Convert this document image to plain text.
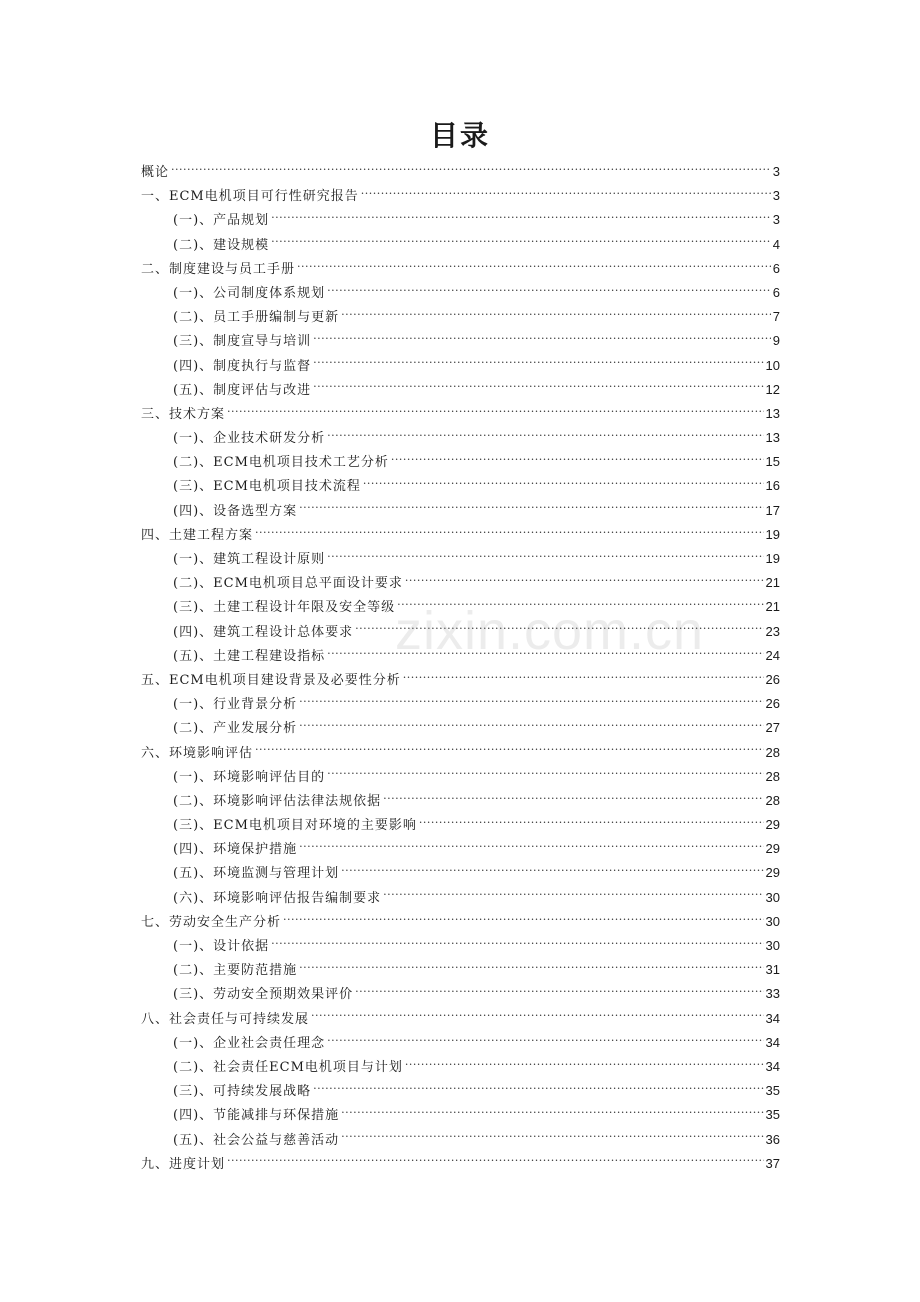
目录
概论 .....	3
一、ECM电机项目可行性研究报告 .....	3
(一)、产品规划 .....	3
(二)、建设规模 .....	4
二、制度建设与员工手册 .....	6
(一)、公司制度体系规划 .....	6
(二)、员工手册编制与更新 .....	7
(三)、制度宣导与培训 .....	9
(四)、制度执行与监督 .....	10
(五)、制度评估与改进 .....	12
三、技术方案 .....	13
(一)、企业技术研发分析 .....	13
(二)、ECM电机项目技术工艺分析 .....	15
(三)、ECM电机项目技术流程 .....	16
(四)、设备选型方案 .....	17
四、土建工程方案 .....	19
(一)、建筑工程设计原则 .....	19
(二)、ECM电机项目总平面设计要求 .....	21
(三)、土建工程设计年限及安全等级 .....	21
(四)、建筑工程设计总体要求 .....	23
(五)、土建工程建设指标 .....	24
五、ECM电机项目建设背景及必要性分析 .....	26
(一)、行业背景分析 .....	26
(二)、产业发展分析 .....	27
六、环境影响评估 .....	28
(一)、环境影响评估目的 .....	28
(二)、环境影响评估法律法规依据 .....	28
(三)、ECM电机项目对环境的主要影响 .....	29
(四)、环境保护措施 .....	29
(五)、环境监测与管理计划 .....	29
(六)、环境影响评估报告编制要求 .....	30
七、劳动安全生产分析 .....	30
(一)、设计依据 .....	30
(二)、主要防范措施 .....	31
(三)、劳动安全预期效果评价 .....	33
八、社会责任与可持续发展 .....	34
(一)、企业社会责任理念 .....	34
(二)、社会责任ECM电机项目与计划 .....	34
(三)、可持续发展战略 .....	35
(四)、节能减排与环保措施 .....	35
(五)、社会公益与慈善活动 .....	36
九、进度计划 .....	37
zixin.com.cn
